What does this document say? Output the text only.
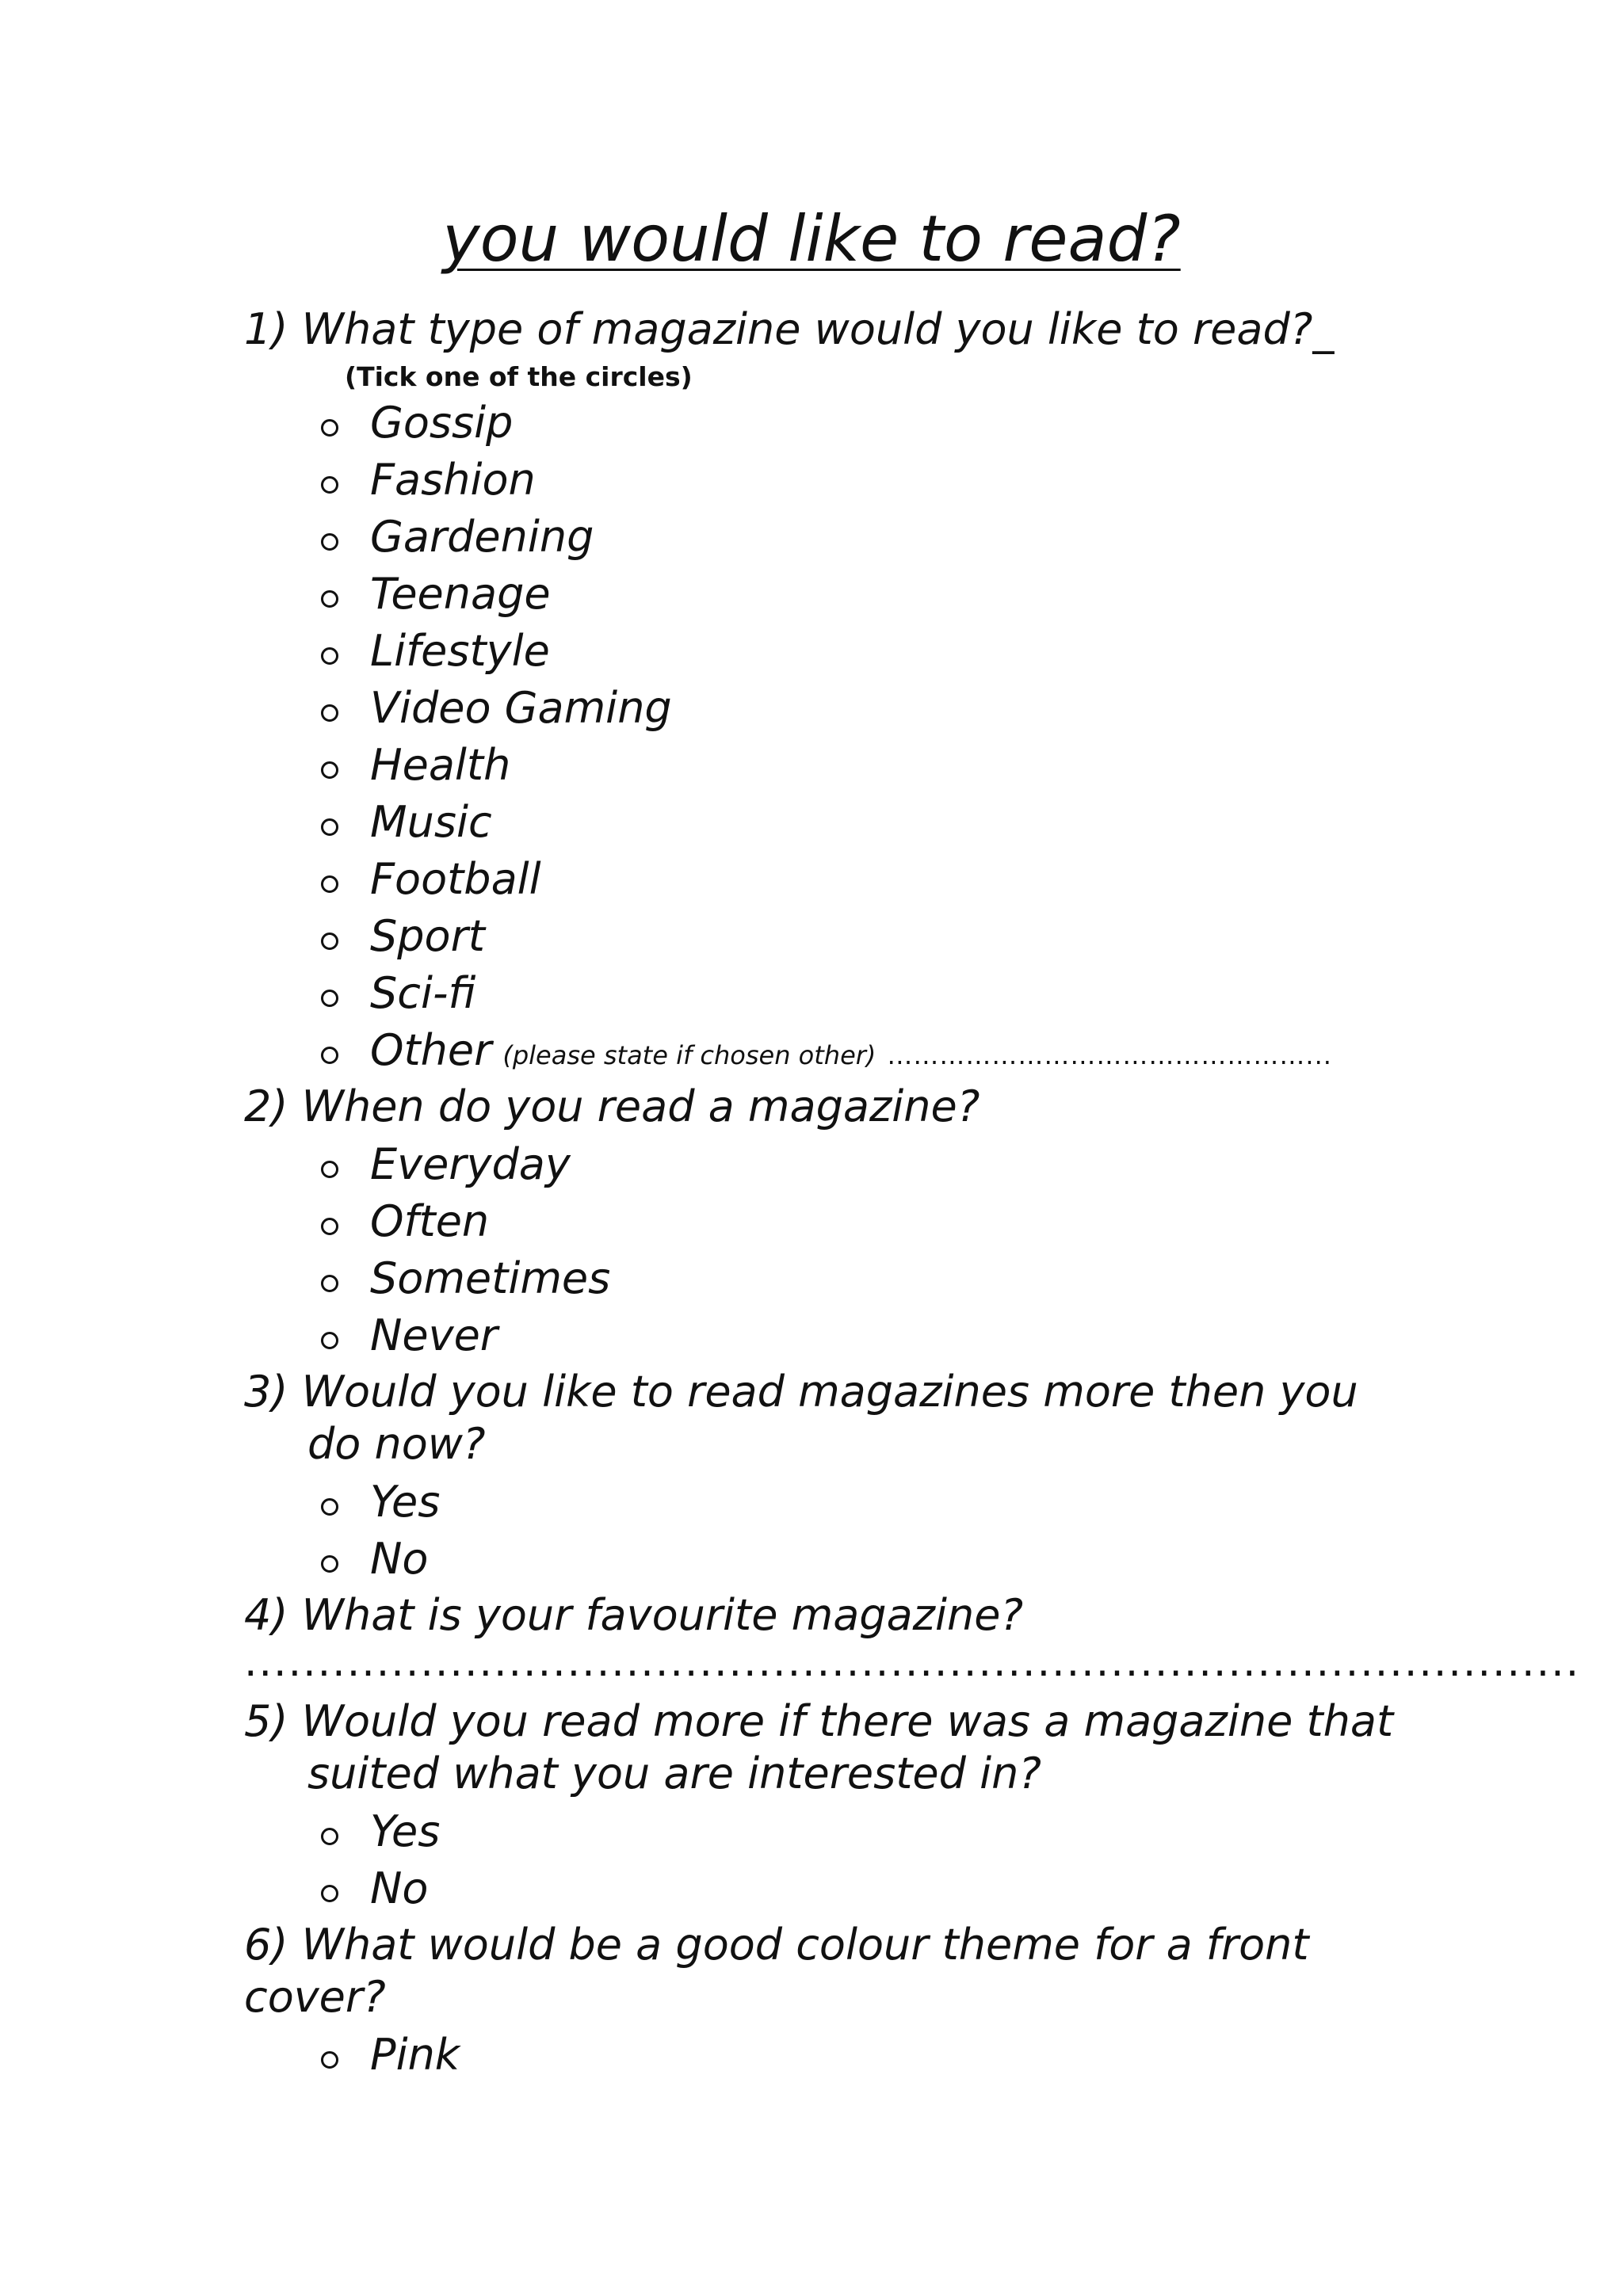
you would like to read?
1) What type of magazine would you like to read?_
(Tick one of the circles)
Gossip
Fashion
Gardening
Teenage
Lifestyle
Video Gaming
Health
Music
Football
Sport
Sci-fi
Other (please state if chosen other) …………………………………………...
2) When do you read a magazine?
Everyday
Often
Sometimes
Never
3) Would you like to read magazines more then you
do now?
Yes
No
4) What is your favourite magazine?
...........................................................................................
5) Would you read more if there was a magazine that
suited what you are interested in?
Yes
No
6) What would be a good colour theme for a front
cover?
Pink
